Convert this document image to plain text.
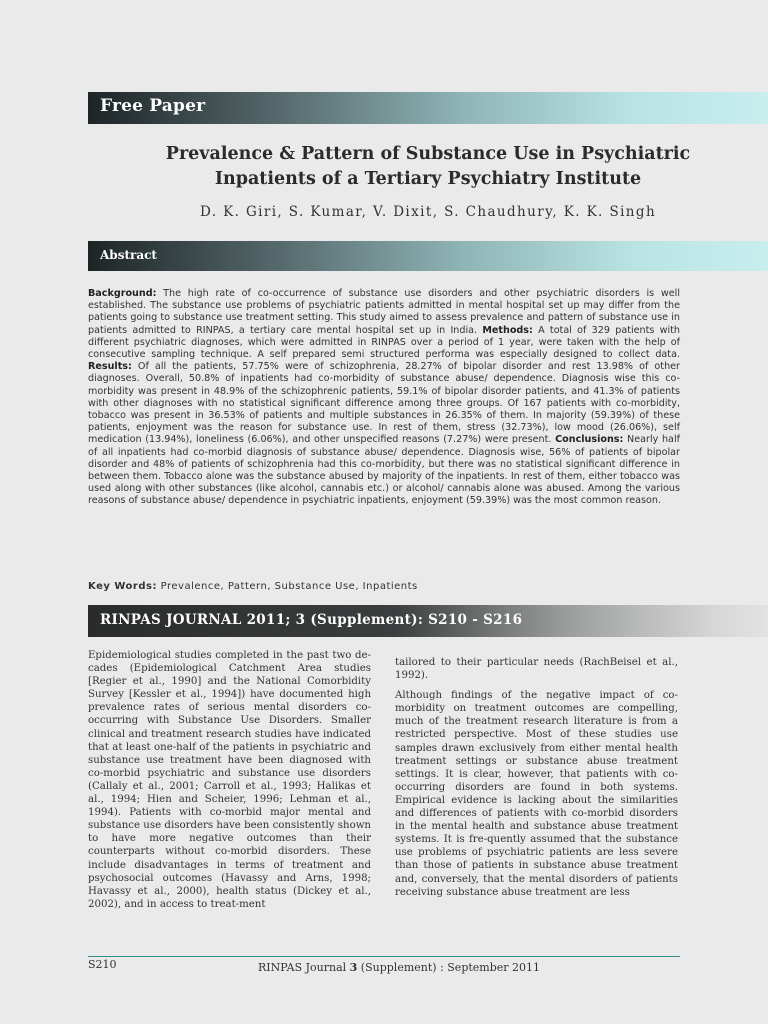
Free Paper
Prevalence & Pattern of Substance Use in Psychiatric
Inpatients of a Tertiary Psychiatry Institute
D. K. Giri, S. Kumar, V. Dixit, S. Chaudhury, K. K. Singh
Abstract
Background: The high rate of co-occurrence of substance use disorders and other psychiatric disorders is well established. The substance use problems of psychiatric patients admitted in mental hospital set up may differ from the patients going to substance use treatment setting. This study aimed to assess prevalence and pattern of substance use in patients admitted to RINPAS, a tertiary care mental hospital set up in India. Methods: A total of 329 patients with different psychiatric diagnoses, which were admitted in RINPAS over a period of 1 year, were taken with the help of consecutive sampling technique. A self prepared semi structured performa was especially designed to collect data. Results: Of all the patients, 57.75% were of schizophrenia, 28.27% of bipolar disorder and rest 13.98% of other diagnoses. Overall, 50.8% of inpatients had co-morbidity of substance abuse/ dependence. Diagnosis wise this co-morbidity was present in 48.9% of the schizophrenic patients, 59.1% of bipolar disorder patients, and 41.3% of patients with other diagnoses with no statistical significant difference among three groups. Of 167 patients with co-morbidity, tobacco was present in 36.53% of patients and multiple substances in 26.35% of them. In majority (59.39%) of these patients, enjoyment was the reason for substance use. In rest of them, stress (32.73%), low mood (26.06%), self medication (13.94%), loneliness (6.06%), and other unspecified reasons (7.27%) were present. Conclusions: Nearly half of all inpatients had co-morbid diagnosis of substance abuse/ dependence. Diagnosis wise, 56% of patients of bipolar disorder and 48% of patients of schizophrenia had this co-morbidity, but there was no statistical significant difference in between them. Tobacco alone was the substance abused by majority of the inpatients. In rest of them, either tobacco was used along with other substances (like alcohol, cannabis etc.) or alcohol/ cannabis alone was abused. Among the various reasons of substance abuse/ dependence in psychiatric inpatients, enjoyment (59.39%) was the most common reason.
Key Words: Prevalence, Pattern, Substance Use, Inpatients
RINPAS JOURNAL 2011; 3 (Supplement): S210 - S216

Epidemiological studies completed in the past two de-cades (Epidemiological Catchment Area studies [Regier et al., 1990] and the National Comorbidity Survey [Kessler et al., 1994]) have documented high prevalence rates of serious mental disorders co-occurring with Substance Use Disorders. Smaller clinical and treatment research studies have indicated that at least one-half of the patients in psychiatric and substance use treatment have been diagnosed with co-morbid psychiatric and substance use disorders (Callaly et al., 2001; Carroll et al., 1993; Halikas et al., 1994; Hien and Scheier, 1996; Lehman et al., 1994). Patients with co-morbid major mental and substance use disorders have been consistently shown to have more negative outcomes than their counterparts without co-morbid disorders. These include disadvantages in terms of treatment and psychosocial outcomes (Havassy and Arns, 1998; Havassy et al., 2000), health status (Dickey et al., 2002), and in access to treat-ment

tailored to their particular needs (RachBeisel et al., 1992).

Although findings of the negative impact of co-morbidity on treatment outcomes are compelling, much of the treatment research literature is from a restricted perspective. Most of these studies use samples drawn exclusively from either mental health treatment settings or substance abuse treatment settings. It is clear, however, that patients with co-occurring disorders are found in both systems. Empirical evidence is lacking about the similarities and differences of patients with co-morbid disorders in the mental health and substance abuse treatment systems. It is fre-quently assumed that the substance use problems of psychiatric patients are less severe than those of patients in substance abuse treatment and, conversely, that the mental disorders of patients receiving substance abuse treatment are less

S210	RINPAS Journal 3 (Supplement) : September 2011
